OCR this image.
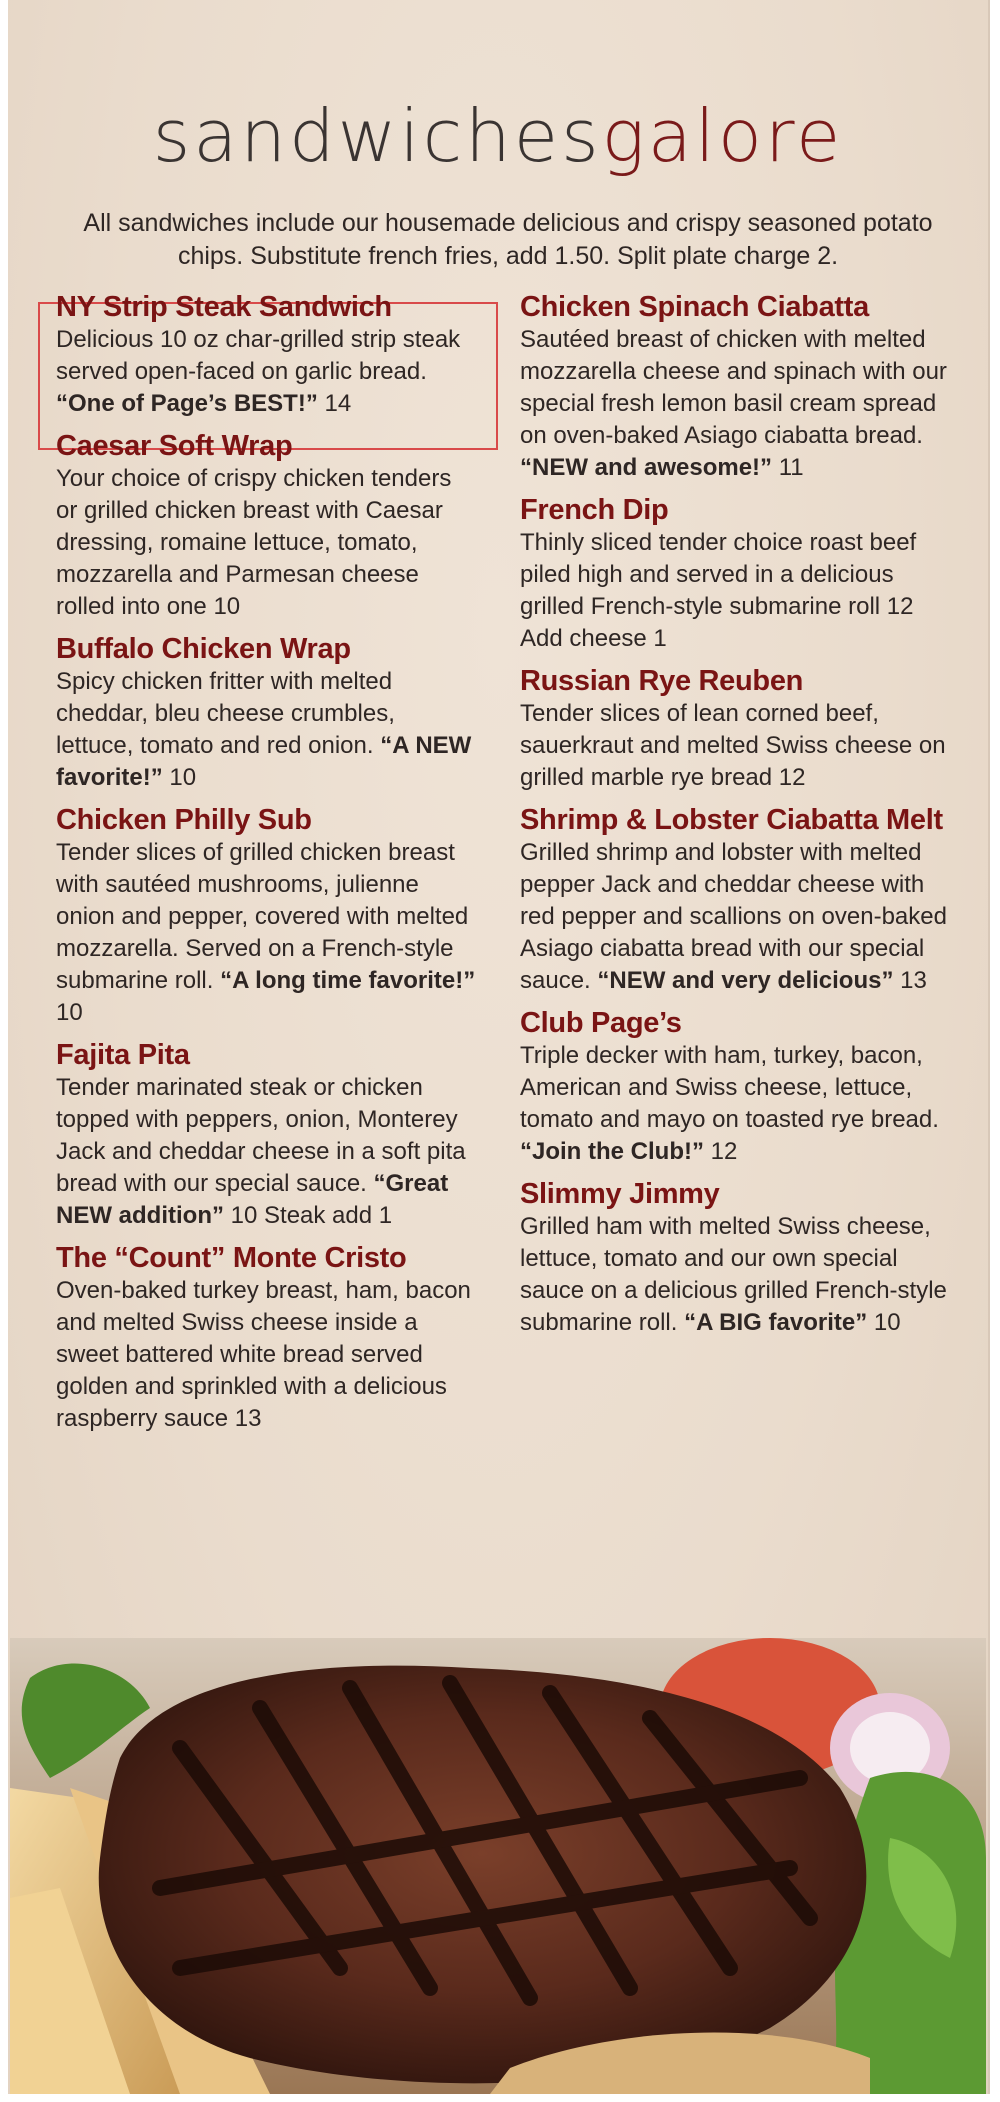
sandwichesgalore
All sandwiches include our housemade delicious and crispy seasoned potato chips. Substitute french fries, add 1.50. Split plate charge 2.
NY Strip Steak Sandwich
Delicious 10 oz char-grilled strip steak served open-faced on garlic bread. “One of Page’s BEST!” 14
Caesar Soft Wrap
Your choice of crispy chicken tenders or grilled chicken breast with Caesar dressing, romaine lettuce, tomato, mozzarella and Parmesan cheese rolled into one 10
Buffalo Chicken Wrap
Spicy chicken fritter with melted cheddar, bleu cheese crumbles, lettuce, tomato and red onion. “A NEW favorite!” 10
Chicken Philly Sub
Tender slices of grilled chicken breast with sautéed mushrooms, julienne onion and pepper, covered with melted mozzarella. Served on a French-style submarine roll. “A long time favorite!” 10
Fajita Pita
Tender marinated steak or chicken topped with peppers, onion, Monterey Jack and cheddar cheese in a soft pita bread with our special sauce. “Great NEW addition” 10 Steak add 1
The “Count” Monte Cristo
Oven-baked turkey breast, ham, bacon and melted Swiss cheese inside a sweet battered white bread served golden and sprinkled with a delicious raspberry sauce 13
Chicken Spinach Ciabatta
Sautéed breast of chicken with melted mozzarella cheese and spinach with our special fresh lemon basil cream spread on oven-baked Asiago ciabatta bread. “NEW and awesome!” 11
French Dip
Thinly sliced tender choice roast beef piled high and served in a delicious grilled French-style submarine roll 12 Add cheese 1
Russian Rye Reuben
Tender slices of lean corned beef, sauerkraut and melted Swiss cheese on grilled marble rye bread 12
Shrimp & Lobster Ciabatta Melt
Grilled shrimp and lobster with melted pepper Jack and cheddar cheese with red pepper and scallions on oven-baked Asiago ciabatta bread with our special sauce. “NEW and very delicious” 13
Club Page’s
Triple decker with ham, turkey, bacon, American and Swiss cheese, lettuce, tomato and mayo on toasted rye bread. “Join the Club!” 12
Slimmy Jimmy
Grilled ham with melted Swiss cheese, lettuce, tomato and our own special sauce on a delicious grilled French-style submarine roll. “A BIG favorite” 10
